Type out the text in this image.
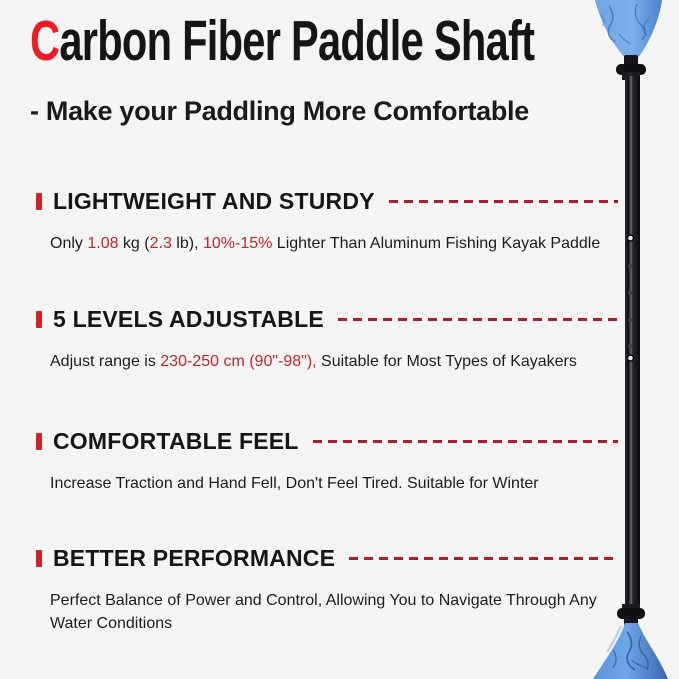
Carbon Fiber Paddle Shaft
- Make your Paddling More Comfortable
LIGHTWEIGHT AND STURDY

Only 1.08 kg (2.3 lb), 10%-15% Lighter Than Aluminum Fishing Kayak Paddle

5 LEVELS ADJUSTABLE

Adjust range is 230-250 cm (90"-98"), Suitable for Most Types of Kayakers

COMFORTABLE FEEL

Increase Traction and Hand Fell, Don't Feel Tired. Suitable for Winter

BETTER PERFORMANCE

Perfect Balance of Power and Control, Allowing You to Navigate Through Any Water Conditions
